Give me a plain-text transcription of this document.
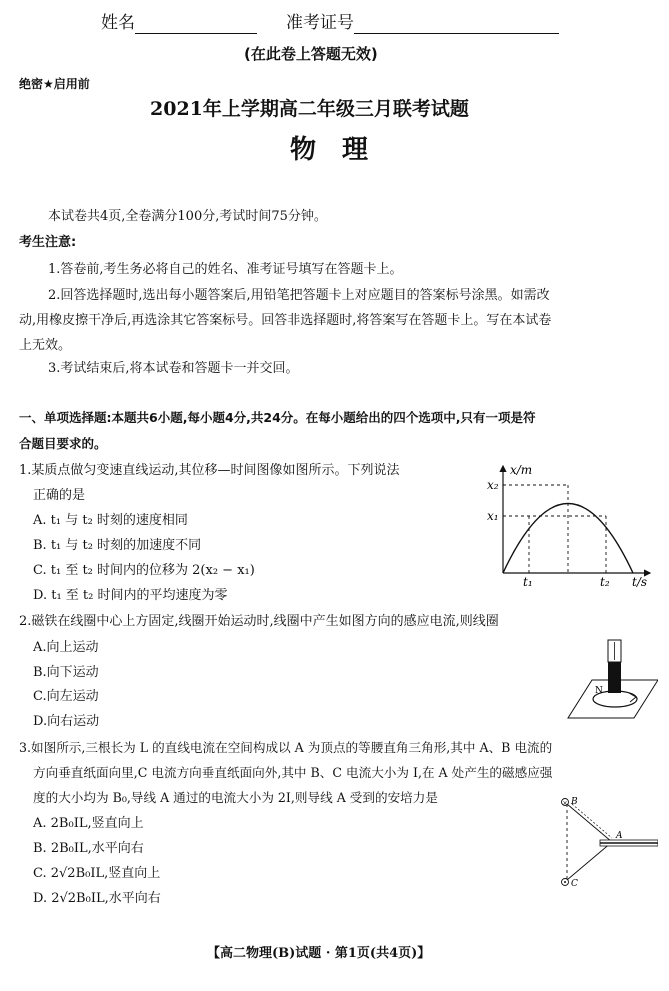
姓名	准考证号
(在此卷上答题无效)
绝密★启用前
2021年上学期高二年级三月联考试题
物　理
本试卷共4页,全卷满分100分,考试时间75分钟。
考生注意:
1.答卷前,考生务必将自己的姓名、准考证号填写在答题卡上。
2.回答选择题时,选出每小题答案后,用铅笔把答题卡上对应题目的答案标号涂黑。如需改
动,用橡皮擦干净后,再选涂其它答案标号。回答非选择题时,将答案写在答题卡上。写在本试卷
上无效。
3.考试结束后,将本试卷和答题卡一并交回。
一、单项选择题:本题共6小题,每小题4分,共24分。在每小题给出的四个选项中,只有一项是符
合题目要求的。
1.某质点做匀变速直线运动,其位移—时间图像如图所示。下列说法
正确的是
A. t₁ 与 t₂ 时刻的速度相同
B. t₁ 与 t₂ 时刻的加速度不同
C. t₁ 至 t₂ 时间内的位移为 2(x₂ − x₁)
D. t₁ 至 t₂ 时间内的平均速度为零
x/m
x₂
x₁
t₁	t₂ t/s
2.磁铁在线圈中心上方固定,线圈开始运动时,线圈中产生如图方向的感应电流,则线圈
A.向上运动
B.向下运动
C.向左运动
D.向右运动
N
3.如图所示,三根长为 L 的直线电流在空间构成以 A 为顶点的等腰直角三角形,其中 A、B 电流的
方向垂直纸面向里,C 电流方向垂直纸面向外,其中 B、C 电流大小为 I,在 A 处产生的磁感应强
度的大小均为 B₀,导线 A 通过的电流大小为 2I,则导线 A 受到的安培力是
A. 2B₀IL,竖直向上
B. 2B₀IL,水平向右
C. 2√2B₀IL,竖直向上
D. 2√2B₀IL,水平向右
× B
A
C
【高二物理(B)试题 · 第1页(共4页)】
